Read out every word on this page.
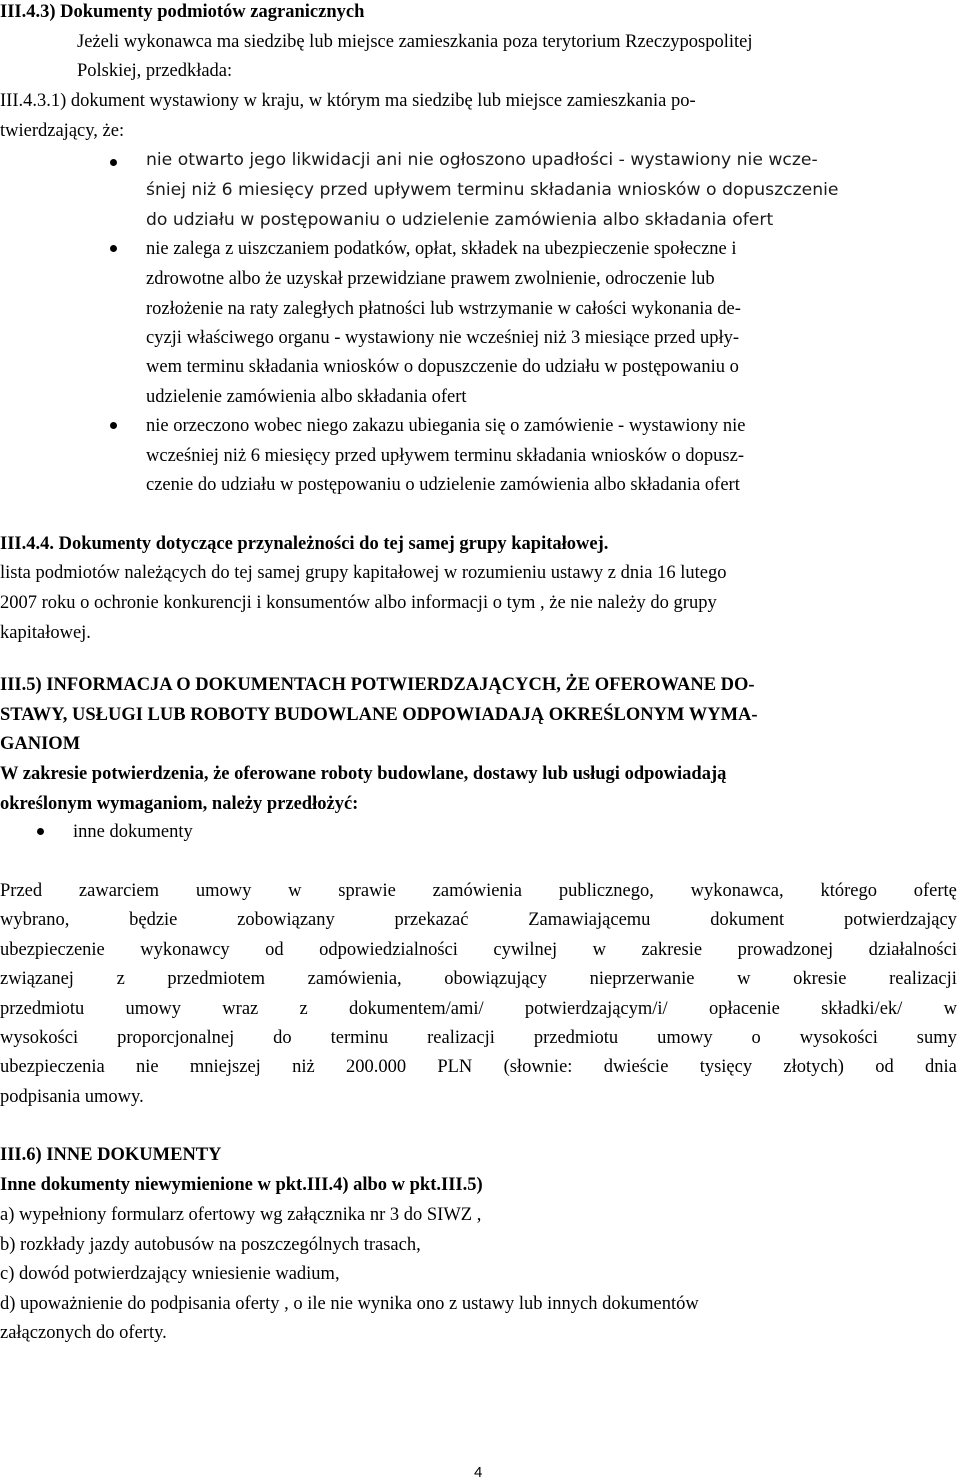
III.4.3) Dokumenty podmiotów zagranicznych
Jeżeli wykonawca ma siedzibę lub miejsce zamieszkania poza terytorium Rzeczypospolitej
Polskiej, przedkłada:
III.4.3.1) dokument wystawiony w kraju, w którym ma siedzibę lub miejsce zamieszkania po-
twierdzający, że:
nie otwarto jego likwidacji ani nie ogłoszono upadłości - wystawiony nie wcze-
śniej niż 6 miesięcy przed upływem terminu składania wniosków o dopuszczenie
do udziału w postępowaniu o udzielenie zamówienia albo składania ofert
nie zalega z uiszczaniem podatków, opłat, składek na ubezpieczenie społeczne i
zdrowotne albo że uzyskał przewidziane prawem zwolnienie, odroczenie lub
rozłożenie na raty zaległych płatności lub wstrzymanie w całości wykonania de-
cyzji właściwego organu - wystawiony nie wcześniej niż 3 miesiące przed upły-
wem terminu składania wniosków o dopuszczenie do udziału w postępowaniu o
udzielenie zamówienia albo składania ofert
nie orzeczono wobec niego zakazu ubiegania się o zamówienie - wystawiony nie
wcześniej niż 6 miesięcy przed upływem terminu składania wniosków o dopusz-
czenie do udziału w postępowaniu o udzielenie zamówienia albo składania ofert
III.4.4. Dokumenty dotyczące przynależności do tej samej grupy kapitałowej.
lista podmiotów należących do tej samej grupy kapitałowej w rozumieniu ustawy z dnia 16 lutego
2007 roku o ochronie konkurencji i konsumentów albo informacji o tym , że nie należy do grupy
kapitałowej.
III.5) INFORMACJA O DOKUMENTACH POTWIERDZAJĄCYCH, ŻE OFEROWANE DO-
STAWY, USŁUGI LUB ROBOTY BUDOWLANE ODPOWIADAJĄ OKREŚLONYM WYMA-
GANIOM
W zakresie potwierdzenia, że oferowane roboty budowlane, dostawy lub usługi odpowiadają
określonym wymaganiom, należy przedłożyć:
inne dokumenty
Przed zawarciem umowy w sprawie zamówienia publicznego, wykonawca, którego ofertę
wybrano,	będzie	zobowiązany	przekazać	Zamawiającemu	dokument	potwierdzający
ubezpieczenie wykonawcy od odpowiedzialności cywilnej w zakresie prowadzonej działalności
związanej z przedmiotem zamówienia, obowiązujący nieprzerwanie w okresie realizacji
przedmiotu umowy wraz z dokumentem/ami/ potwierdzającym/i/ opłacenie składki/ek/ w
wysokości proporcjonalnej do terminu realizacji przedmiotu umowy o wysokości sumy
ubezpieczenia nie mniejszej niż 200.000 PLN (słownie: dwieście tysięcy złotych) od dnia
podpisania umowy.
III.6) INNE DOKUMENTY
Inne dokumenty niewymienione w pkt.III.4) albo w pkt.III.5)
a) wypełniony formularz ofertowy wg załącznika nr 3 do SIWZ ,
b) rozkłady jazdy autobusów na poszczególnych trasach,
c) dowód potwierdzający wniesienie wadium,
d) upoważnienie do podpisania oferty , o ile nie wynika ono z ustawy lub innych dokumentów
załączonych do oferty.
4
